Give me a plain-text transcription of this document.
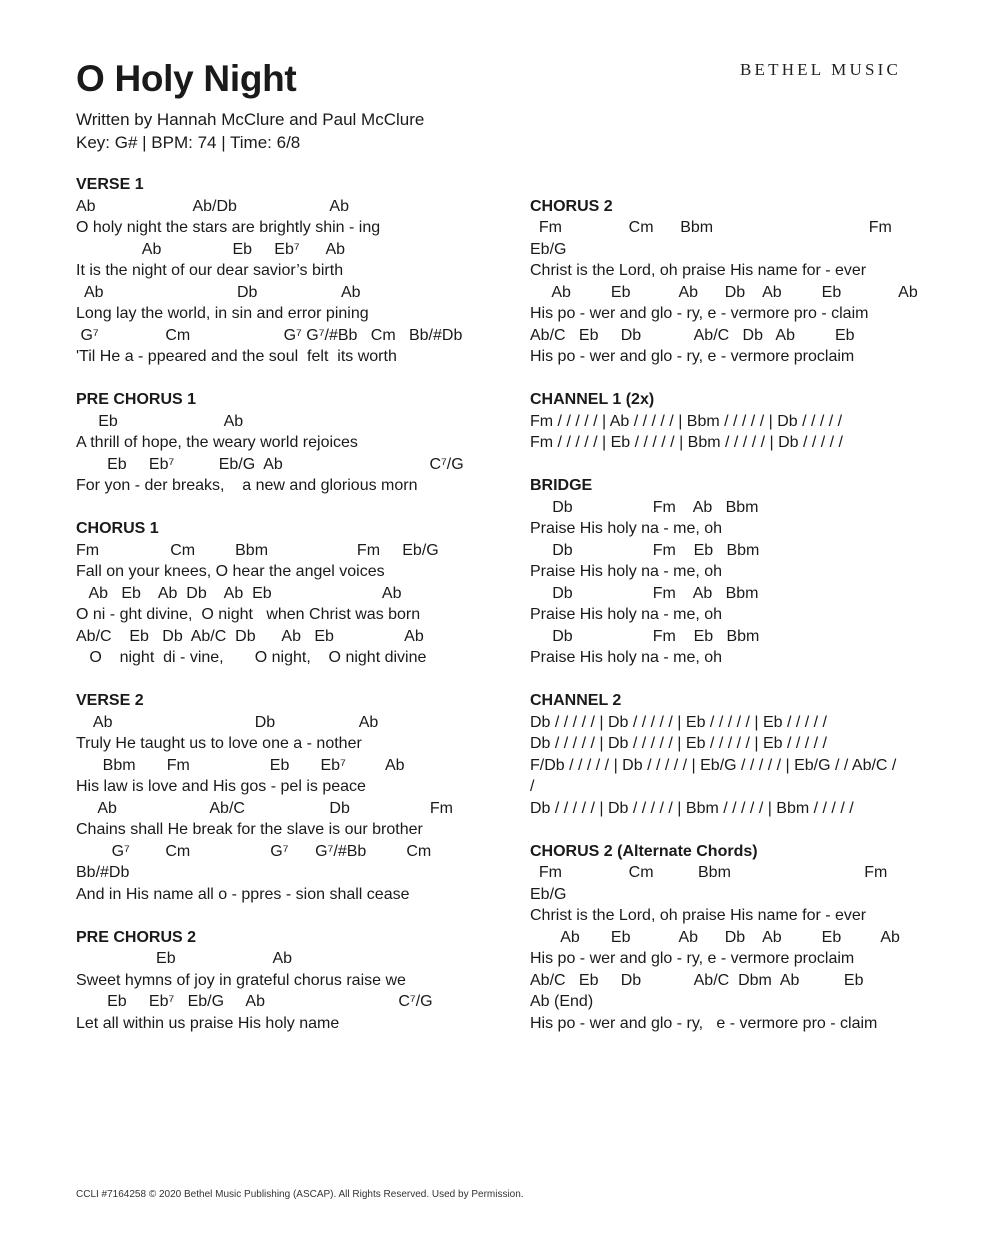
O Holy Night	BETHEL MUSIC
Written by Hannah McClure and Paul McClure
Key: G# | BPM: 74 | Time: 6/8
VERSE 1
Ab                      Ab/Db                     Ab
O holy night the stars are brightly shin - ing
Ab                Eb     Eb⁷      Ab
It is the night of our dear savior’s birth
Ab                              Db                   Ab
Long lay the world, in sin and error pining
G⁷               Cm                     G⁷ G⁷/#Bb   Cm   Bb/#Db
'Til He a - ppeared and the soul  felt  its worth
PRE CHORUS 1
Eb                        Ab
A thrill of hope, the weary world rejoices
Eb     Eb⁷          Eb/G  Ab                                 C⁷/G
For yon - der breaks,    a new and glorious morn
CHORUS 1
Fm                Cm         Bbm                    Fm     Eb/G
Fall on your knees, O hear the angel voices
Ab   Eb    Ab  Db    Ab  Eb                         Ab
O ni - ght divine,  O night   when Christ was born
Ab/C    Eb   Db  Ab/C  Db      Ab   Eb                Ab
O    night  di - vine,       O night,    O night divine
VERSE 2
Ab                                Db                   Ab
Truly He taught us to love one a - nother
Bbm       Fm                  Eb       Eb⁷         Ab
His law is love and His gos - pel is peace
Ab                     Ab/C                   Db                  Fm
Chains shall He break for the slave is our brother
G⁷        Cm                  G⁷      G⁷/#Bb         Cm
Bb/#Db
And in His name all o - ppres - sion shall cease
PRE CHORUS 2
Eb                      Ab
Sweet hymns of joy in grateful chorus raise we
Eb     Eb⁷   Eb/G     Ab                              C⁷/G
Let all within us praise His holy name
CHORUS 2
Fm               Cm      Bbm                                   Fm
Eb/G
Christ is the Lord, oh praise His name for - ever
Ab         Eb           Ab      Db    Ab         Eb             Ab
His po - wer and glo - ry, e - vermore pro - claim
Ab/C   Eb     Db            Ab/C   Db   Ab         Eb
His po - wer and glo - ry, e - vermore proclaim
CHANNEL 1 (2x)
Fm / / / / / | Ab / / / / / | Bbm / / / / / | Db / / / / /
Fm / / / / / | Eb / / / / / | Bbm / / / / / | Db / / / / /
BRIDGE
Db                  Fm    Ab   Bbm
Praise His holy na - me, oh
Db                  Fm    Eb   Bbm
Praise His holy na - me, oh
Db                  Fm    Ab   Bbm
Praise His holy na - me, oh
Db                  Fm    Eb   Bbm
Praise His holy na - me, oh
CHANNEL 2
Db / / / / / | Db / / / / / | Eb / / / / / | Eb / / / / /
Db / / / / / | Db / / / / / | Eb / / / / / | Eb / / / / /
F/Db / / / / / | Db / / / / / | Eb/G / / / / / | Eb/G / / Ab/C /
/
Db / / / / / | Db / / / / / | Bbm / / / / / | Bbm / / / / /
CHORUS 2 (Alternate Chords)
Fm               Cm          Bbm                              Fm
Eb/G
Christ is the Lord, oh praise His name for - ever
Ab       Eb           Ab      Db    Ab         Eb         Ab
His po - wer and glo - ry, e - vermore proclaim
Ab/C   Eb     Db            Ab/C  Dbm  Ab          Eb
Ab (End)
His po - wer and glo - ry,   e - vermore pro - claim
CCLI #7164258 © 2020 Bethel Music Publishing (ASCAP). All Rights Reserved. Used by Permission.
